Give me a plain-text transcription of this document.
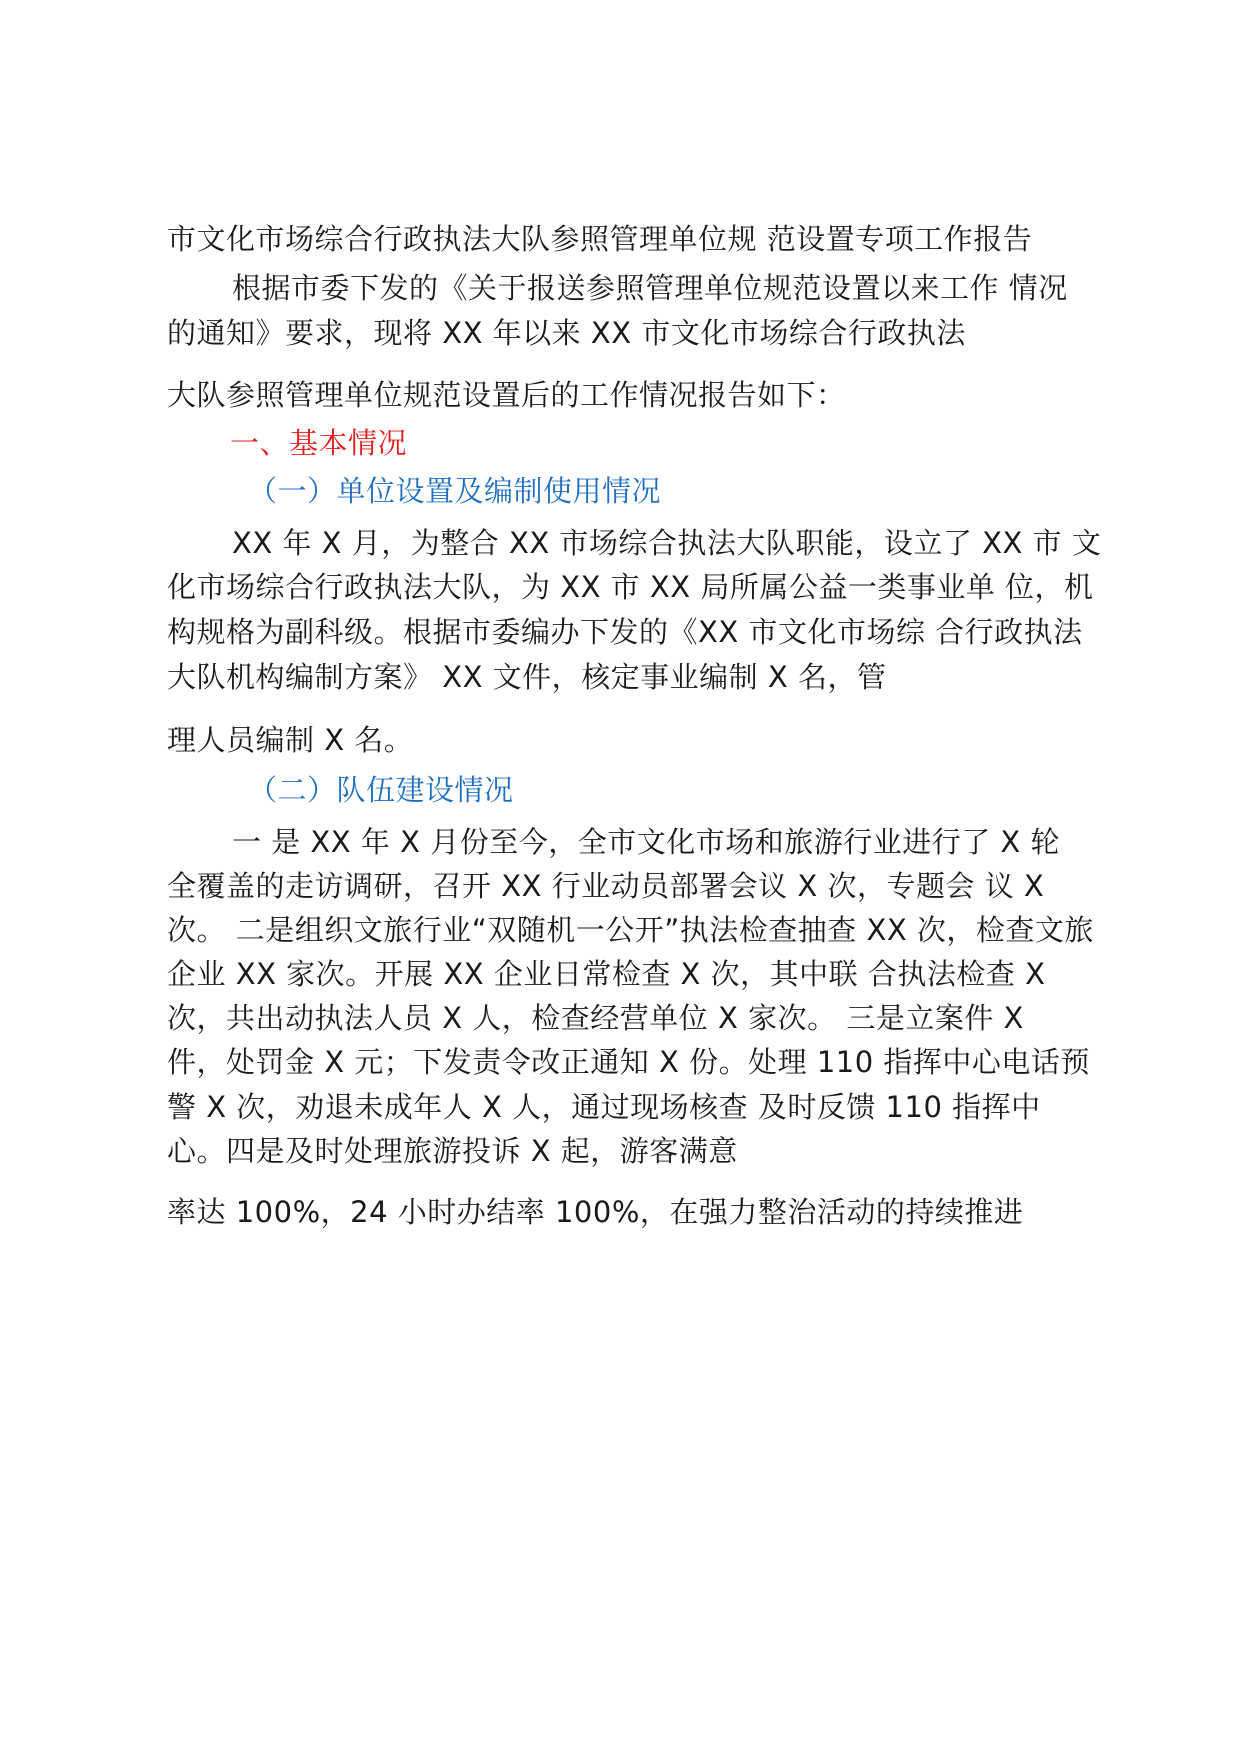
市文化市场综合行政执法大队参照管理单位规 范设置专项工作报告
根据市委下发的《关于报送参照管理单位规范设置以来工作 情况
的通知》要求，现将 XX 年以来 XX 市文化市场综合行政执法
大队参照管理单位规范设置后的工作情况报告如下：
一、基本情况
（一）单位设置及编制使用情况
XX 年 X 月，为整合 XX 市场综合执法大队职能，设立了 XX 市 文
化市场综合行政执法大队，为 XX 市 XX 局所属公益一类事业单 位，机
构规格为副科级。根据市委编办下发的《XX 市文化市场综 合行政执法
大队机构编制方案》 XX 文件，核定事业编制 X 名，管
理人员编制 X 名。
（二）队伍建设情况
一 是 XX 年 X 月份至今，全市文化市场和旅游行业进行了 X 轮
全覆盖的走访调研，召开 XX 行业动员部署会议 X 次，专题会 议 X
次。 二是组织文旅行业“双随机一公开”执法检查抽查 XX 次，检查文旅
企业 XX 家次。开展 XX 企业日常检查 X 次，其中联 合执法检查 X
次，共出动执法人员 X 人，检查经营单位 X 家次。 三是立案件 X
件，处罚金 X 元；下发责令改正通知 X 份。处理 110 指挥中心电话预
警 X 次，劝退未成年人 X 人，通过现场核查 及时反馈 110 指挥中
心。四是及时处理旅游投诉 X 起，游客满意
率达 100%，24 小时办结率 100%，在强力整治活动的持续推进
